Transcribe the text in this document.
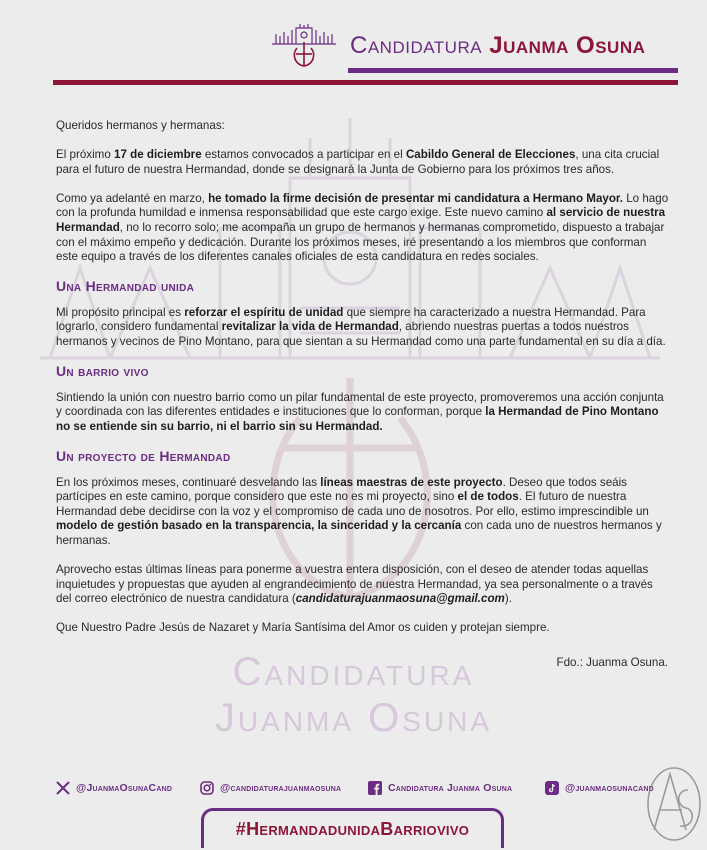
Candidatura Juanma Osuna
Candidatura
Juanma Osuna

Queridos hermanos y hermanas:

El próximo 17 de diciembre estamos convocados a participar en el Cabildo General de Elecciones, una cita crucial para el futuro de nuestra Hermandad, donde se designará la Junta de Gobierno para los próximos tres años.

Como ya adelanté en marzo, he tomado la firme decisión de presentar mi candidatura a Hermano Mayor. Lo hago con la profunda humildad e inmensa responsabilidad que este cargo exige. Este nuevo camino al servicio de nuestra Hermandad, no lo recorro solo; me acompaña un grupo de hermanos y hermanas comprometido, dispuesto a trabajar con el máximo empeño y dedicación. Durante los próximos meses, iré presentando a los miembros que conforman este equipo a través de los diferentes canales oficiales de esta candidatura en redes sociales.

Una Hermandad unida

Mi propósito principal es reforzar el espíritu de unidad que siempre ha caracterizado a nuestra Hermandad. Para lograrlo, considero fundamental revitalizar la vida de Hermandad, abriendo nuestras puertas a todos nuestros hermanos y vecinos de Pino Montano, para que sientan a su Hermandad como una parte fundamental en su día a día.

Un barrio vivo

Sintiendo la unión con nuestro barrio como un pilar fundamental de este proyecto, promoveremos una acción conjunta y coordinada con las diferentes entidades e instituciones que lo conforman, porque la Hermandad de Pino Montano no se entiende sin su barrio, ni el barrio sin su Hermandad.

Un proyecto de Hermandad

En los próximos meses, continuaré desvelando las líneas maestras de este proyecto. Deseo que todos seáis partícipes en este camino, porque considero que este no es mi proyecto, sino el de todos. El futuro de nuestra Hermandad debe decidirse con la voz y el compromiso de cada uno de nosotros. Por ello, estimo imprescindible un modelo de gestión basado en la transparencia, la sinceridad y la cercanía con cada uno de nuestros hermanos y hermanas.

Aprovecho estas últimas líneas para ponerme a vuestra entera disposición, con el deseo de atender todas aquellas inquietudes y propuestas que ayuden al engrandecimiento de nuestra Hermandad, ya sea personalmente o a través del correo electrónico de nuestra candidatura (candidaturajuanmaosuna@gmail.com).

Que Nuestro Padre Jesús de Nazaret y María Santísima del Amor os cuiden y protejan siempre.

Fdo.: Juanma Osuna.

@JuanmaOsunaCand	@candidaturajuanmaosuna	Candidatura Juanma Osuna	@juanmaosunacand
#HermandadunidaBarriovivo
